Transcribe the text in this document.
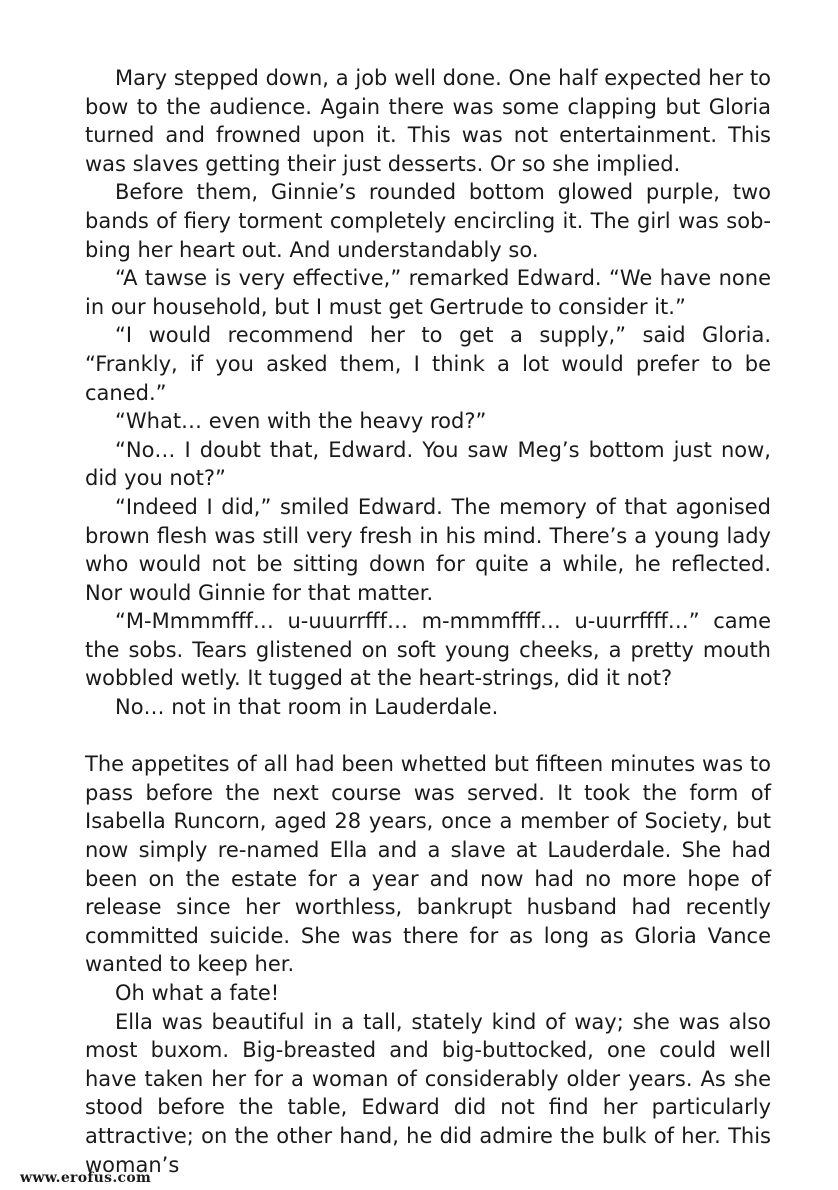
Mary stepped down, a job well done. One half expected her to bow to the audience. Again there was some clapping but Gloria turned and frowned upon it. This was not entertainment. This was slaves getting their just desserts. Or so she implied.

Before them, Ginnie’s rounded bottom glowed purple, two bands of fiery torment completely encircling it. The girl was sobbing her heart out. And understandably so.

“A tawse is very effective,” remarked Edward. “We have none in our household, but I must get Gertrude to consider it.”

“I would recommend her to get a supply,” said Gloria. “Frankly, if you asked them, I think a lot would prefer to be caned.”

“What… even with the heavy rod?”

“No… I doubt that, Edward. You saw Meg’s bottom just now, did you not?”

“Indeed I did,” smiled Edward. The memory of that agonised brown flesh was still very fresh in his mind. There’s a young lady who would not be sitting down for quite a while, he reflected. Nor would Ginnie for that matter.

“M-Mmmmfff… u-uuurrfff… m-mmmffff… u-uurrffff…” came the sobs. Tears glistened on soft young cheeks, a pretty mouth wobbled wetly. It tugged at the heart-strings, did it not?

No… not in that room in Lauderdale.

The appetites of all had been whetted but fifteen minutes was to pass before the next course was served. It took the form of Isabella Runcorn, aged 28 years, once a member of Society, but now simply re-named Ella and a slave at Lauderdale. She had been on the estate for a year and now had no more hope of release since her worthless, bankrupt husband had recently committed suicide. She was there for as long as Gloria Vance wanted to keep her.

Oh what a fate!

Ella was beautiful in a tall, stately kind of way; she was also most buxom. Big-breasted and big-buttocked, one could well have taken her for a woman of considerably older years. As she stood before the table, Edward did not find her particularly attractive; on the other hand, he did admire the bulk of her. This woman’s

www.erofus.com
